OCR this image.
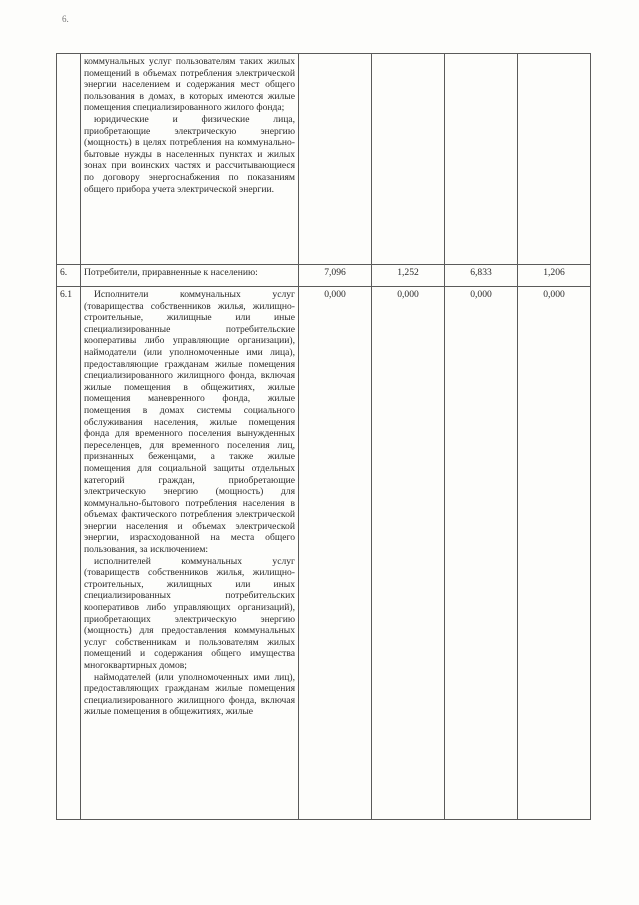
6.

	коммунальных услуг пользователям таких жилых помещений в объемах потребления электрической энергии населением и содержания мест общего пользования в домах, в которых имеются жилые помещения специализированного жилого фонда;

юридические и физические лица, приобретающие электрическую энергию (мощность) в целях потребления на коммунально-бытовые нужды в населенных пунктах и жилых зонах при воинских частях и рассчитывающиеся по договору энергоснабжения по показаниям общего прибора учета электрической энергии.				

6.	Потребители, приравненные к населению:	7,096	1,252	6,833	1,206
6.1	Исполнители коммунальных услуг (товарищества собственников жилья, жилищно-строительные, жилищные или иные специализированные потребительские кооперативы либо управляющие организации), наймодатели (или уполномоченные ими лица), предоставляющие гражданам жилые помещения специализированного жилищного фонда, включая жилые помещения в общежитиях, жилые помещения маневренного фонда, жилые помещения в домах системы социального обслуживания населения, жилые помещения фонда для временного поселения вынужденных переселенцев, для временного поселения лиц, признанных беженцами, а также жилые помещения для социальной защиты отдельных категорий граждан, приобретающие электрическую энергию (мощность) для коммунально-бытового потребления населения в объемах фактического потребления электрической энергии населения и объемах электрической энергии, израсходованной на места общего пользования, за исключением:

исполнителей коммунальных услуг (товариществ собственников жилья, жилищно-строительных, жилищных или иных специализированных потребительских кооперативов либо управляющих организаций), приобретающих электрическую энергию (мощность) для предоставления коммунальных услуг собственникам и пользователям жилых помещений и содержания общего имущества многоквартирных домов;

наймодателей (или уполномоченных ими лиц), предоставляющих гражданам жилые помещения специализированного жилищного фонда, включая жилые помещения в общежитиях, жилые	0,000	0,000	0,000	0,000
